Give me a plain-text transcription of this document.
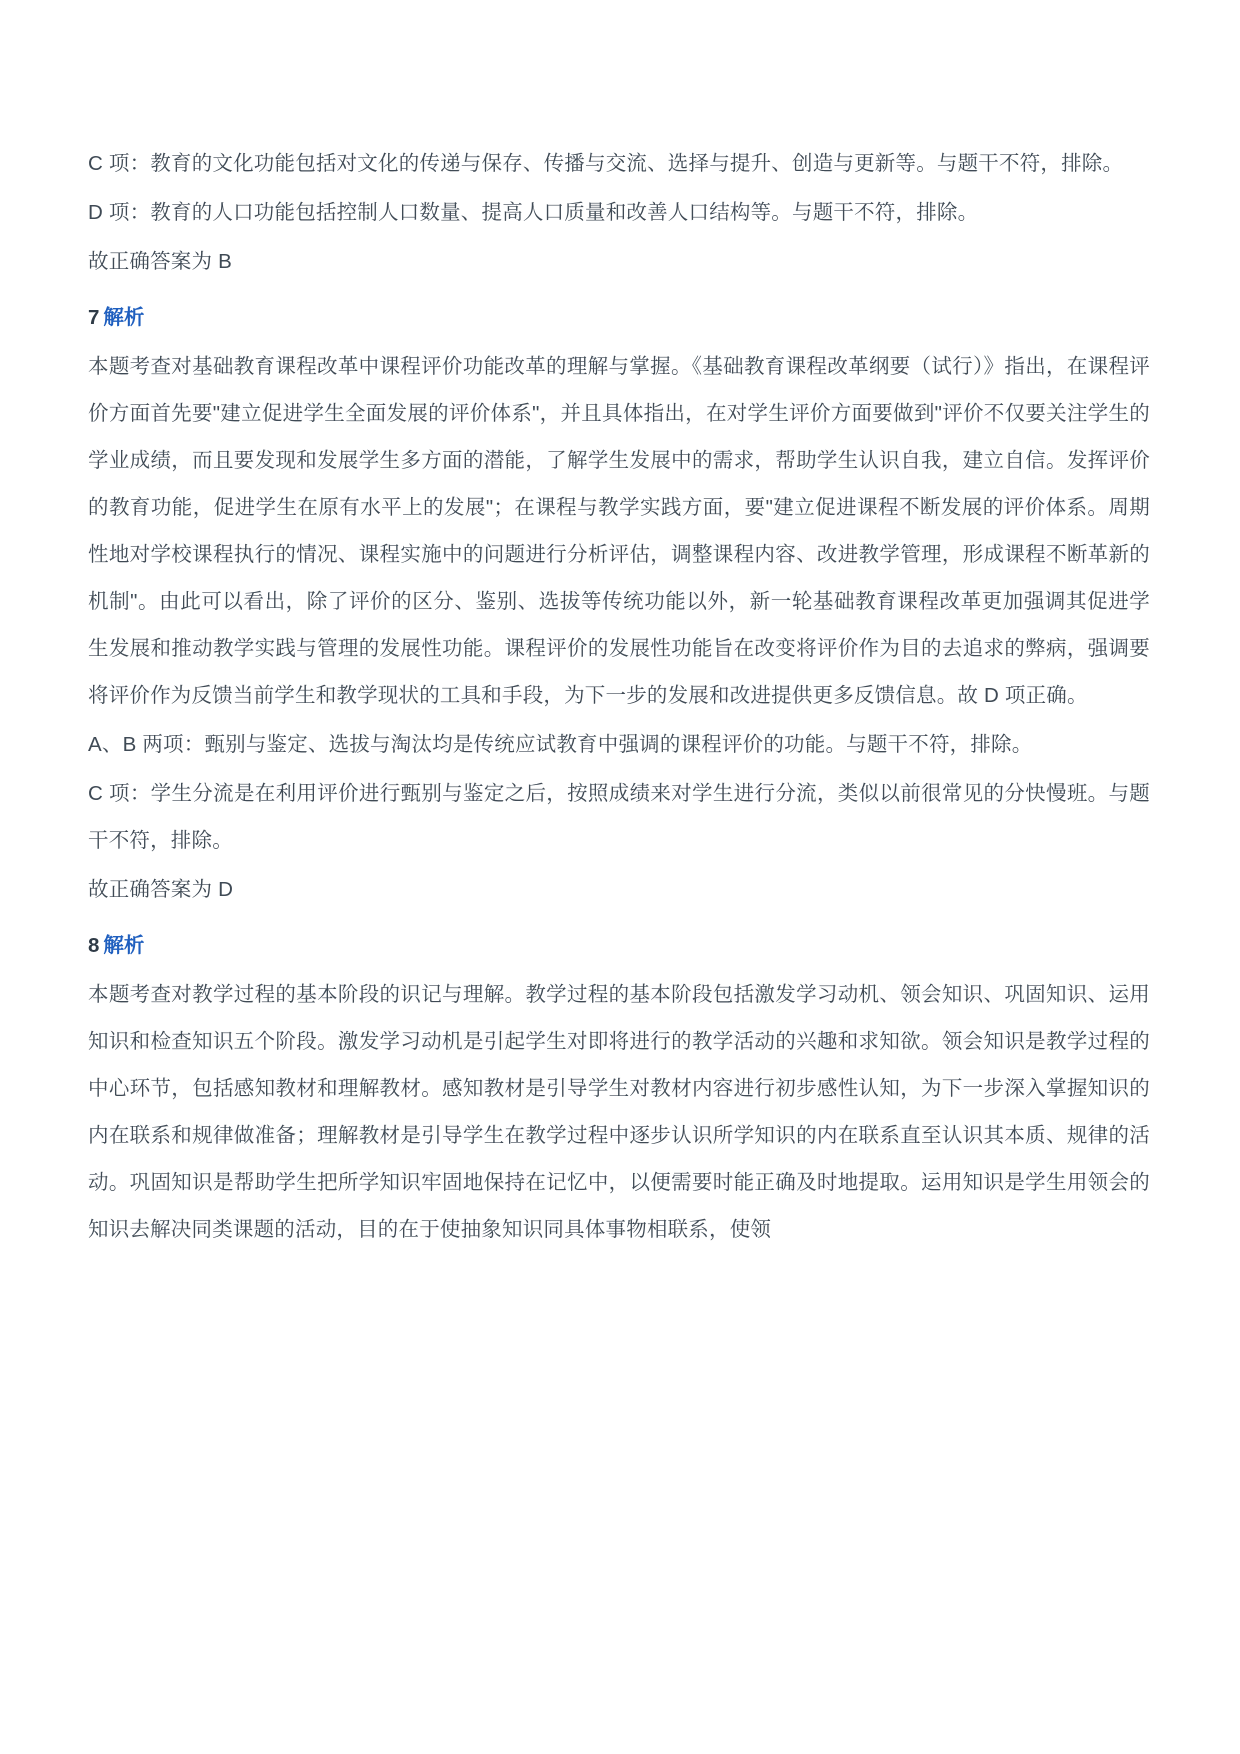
C 项：教育的文化功能包括对文化的传递与保存、传播与交流、选择与提升、创造与更新等。与题干不符，排除。

D 项：教育的人口功能包括控制人口数量、提高人口质量和改善人口结构等。与题干不符，排除。

故正确答案为 B

7 解析

本题考查对基础教育课程改革中课程评价功能改革的理解与掌握。《基础教育课程改革纲要（试行）》指出，在课程评价方面首先要"建立促进学生全面发展的评价体系"，并且具体指出，在对学生评价方面要做到"评价不仅要关注学生的学业成绩，而且要发现和发展学生多方面的潜能，了解学生发展中的需求，帮助学生认识自我，建立自信。发挥评价的教育功能，促进学生在原有水平上的发展"；在课程与教学实践方面，要"建立促进课程不断发展的评价体系。周期性地对学校课程执行的情况、课程实施中的问题进行分析评估，调整课程内容、改进教学管理，形成课程不断革新的机制"。由此可以看出，除了评价的区分、鉴别、选拔等传统功能以外，新一轮基础教育课程改革更加强调其促进学生发展和推动教学实践与管理的发展性功能。课程评价的发展性功能旨在改变将评价作为目的去追求的弊病，强调要将评价作为反馈当前学生和教学现状的工具和手段，为下一步的发展和改进提供更多反馈信息。故 D 项正确。

A、B 两项：甄别与鉴定、选拔与淘汰均是传统应试教育中强调的课程评价的功能。与题干不符，排除。

C 项：学生分流是在利用评价进行甄别与鉴定之后，按照成绩来对学生进行分流，类似以前很常见的分快慢班。与题干不符，排除。

故正确答案为 D

8 解析

本题考查对教学过程的基本阶段的识记与理解。教学过程的基本阶段包括激发学习动机、领会知识、巩固知识、运用知识和检查知识五个阶段。激发学习动机是引起学生对即将进行的教学活动的兴趣和求知欲。领会知识是教学过程的中心环节，包括感知教材和理解教材。感知教材是引导学生对教材内容进行初步感性认知，为下一步深入掌握知识的内在联系和规律做准备；理解教材是引导学生在教学过程中逐步认识所学知识的内在联系直至认识其本质、规律的活动。巩固知识是帮助学生把所学知识牢固地保持在记忆中，以便需要时能正确及时地提取。运用知识是学生用领会的知识去解决同类课题的活动，目的在于使抽象知识同具体事物相联系，使领
